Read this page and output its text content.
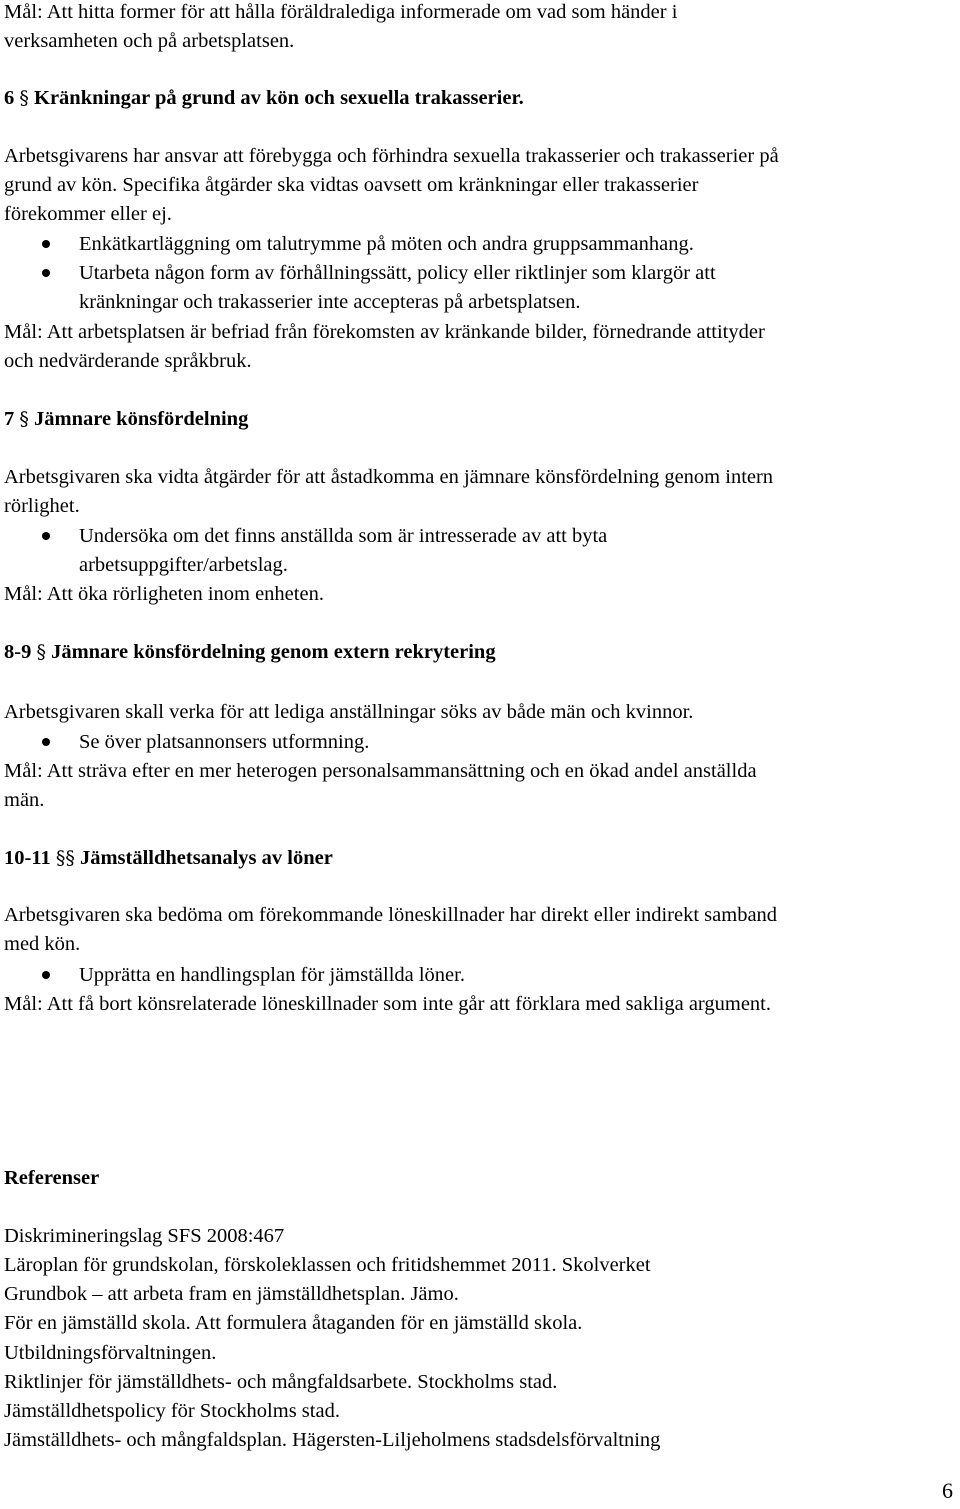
Mål: Att hitta former för att hålla föräldralediga informerade om vad som händer i
verksamheten och på arbetsplatsen.
6 § Kränkningar på grund av kön och sexuella trakasserier.
Arbetsgivarens har ansvar att förebygga och förhindra sexuella trakasserier och trakasserier på
grund av kön. Specifika åtgärder ska vidtas oavsett om kränkningar eller trakasserier
förekommer eller ej.
Enkätkartläggning om talutrymme på möten och andra gruppsammanhang.
Utarbeta någon form av förhållningssätt, policy eller riktlinjer som klargör att
kränkningar och trakasserier inte accepteras på arbetsplatsen.
Mål: Att arbetsplatsen är befriad från förekomsten av kränkande bilder, förnedrande attityder
och nedvärderande språkbruk.
7 § Jämnare könsfördelning
Arbetsgivaren ska vidta åtgärder för att åstadkomma en jämnare könsfördelning genom intern
rörlighet.
Undersöka om det finns anställda som är intresserade av att byta
arbetsuppgifter/arbetslag.
Mål: Att öka rörligheten inom enheten.
8-9 § Jämnare könsfördelning genom extern rekrytering
Arbetsgivaren skall verka för att lediga anställningar söks av både män och kvinnor.
Se över platsannonsers utformning.
Mål: Att sträva efter en mer heterogen personalsammansättning och en ökad andel anställda
män.
10-11 §§ Jämställdhetsanalys av löner
Arbetsgivaren ska bedöma om förekommande löneskillnader har direkt eller indirekt samband
med kön.
Upprätta en handlingsplan för jämställda löner.
Mål: Att få bort könsrelaterade löneskillnader som inte går att förklara med sakliga argument.
Referenser
Diskrimineringslag SFS 2008:467
Läroplan för grundskolan, förskoleklassen och fritidshemmet 2011. Skolverket
Grundbok – att arbeta fram en jämställdhetsplan. Jämo.
För en jämställd skola. Att formulera åtaganden för en jämställd skola.
Utbildningsförvaltningen.
Riktlinjer för jämställdhets- och mångfaldsarbete. Stockholms stad.
Jämställdhetspolicy för Stockholms stad.
Jämställdhets- och mångfaldsplan. Hägersten-Liljeholmens stadsdelsförvaltning
6
